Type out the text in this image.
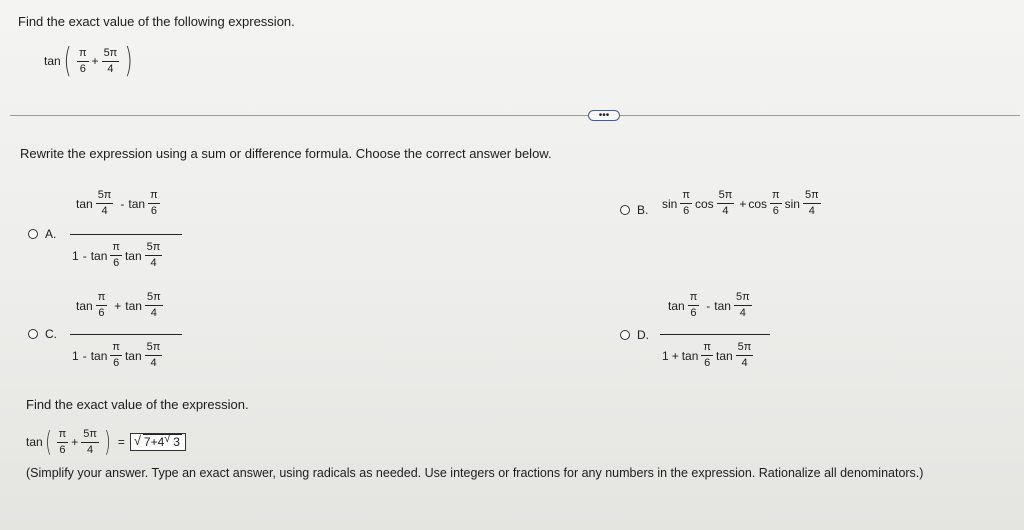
Find the exact value of the following expression.
tan ( $\frac{\pi}{6} + \frac{5\pi}{4}$ )
•••
Rewrite the expression using a sum or difference formula. Choose the correct answer below.
A.
$\tan \frac{5\pi}{4}$ - $\tan \frac{\pi}{6}$
$1 - \tan \frac{\pi}{6}$ $\tan \frac{5\pi}{4}$
B. $\sin \frac{\pi}{6}$ $\cos \frac{5\pi}{4} + \cos \frac{\pi}{6}$ $\sin \frac{5\pi}{4}$
C.
$\tan \frac{\pi}{6} + \tan \frac{5\pi}{4}$
$1 - \tan \frac{\pi}{6}$ $\tan \frac{5\pi}{4}$
D.
$\tan \frac{\pi}{6}$ - $\tan \frac{5\pi}{4}$
$1 + \tan \frac{\pi}{6}$ $\tan \frac{5\pi}{4}$
Find the exact value of the expression.
tan ( $\frac{\pi}{6} + \frac{5\pi}{4}$ ) = √ 7+4 √ 3
(Simplify your answer. Type an exact answer, using radicals as needed. Use integers or fractions for any numbers in the expression. Rationalize all denominators.)
